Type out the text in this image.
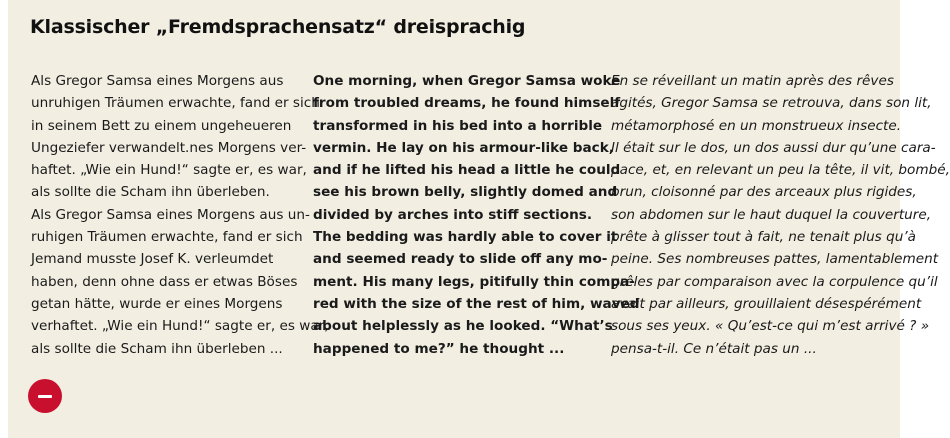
Klassischer „Fremdsprachensatz“ dreisprachig

Als Gregor Samsa eines Morgens aus

unruhigen Träumen erwachte, fand er sich

in seinem Bett zu einem ungeheueren

Ungeziefer verwandelt.nes Morgens ver-

haftet. „Wie ein Hund!“ sagte er, es war,

als sollte die Scham ihn überleben.

Als Gregor Samsa eines Morgens aus un-

ruhigen Träumen erwachte, fand er sich

Jemand musste Josef K. verleumdet

haben, denn ohne dass er etwas Böses

getan hätte, wurde er eines Morgens

verhaftet. „Wie ein Hund!“ sagte er, es war,

als sollte die Scham ihn überleben ...

One morning, when Gregor Samsa woke

from troubled dreams, he found himself

transformed in his bed into a horrible

vermin. He lay on his armour-like back,

and if he lifted his head a little he could

see his brown belly, slightly domed and

divided by arches into stiff sections.

The bedding was hardly able to cover it

and seemed ready to slide off any mo-

ment. His many legs, pitifully thin compa-

red with the size of the rest of him, waved

about helplessly as he looked. “What’s

happened to me?” he thought ...

En se réveillant un matin après des rêves

agités, Gregor Samsa se retrouva, dans son lit,

métamorphosé en un monstrueux insecte.

Il était sur le dos, un dos aussi dur qu’une cara-

pace, et, en relevant un peu la tête, il vit, bombé,

brun, cloisonné par des arceaux plus rigides,

son abdomen sur le haut duquel la couverture,

prête à glisser tout à fait, ne tenait plus qu’à

peine. Ses nombreuses pattes, lamentablement

grêles par comparaison avec la corpulence qu’il

avait par ailleurs, grouillaient désespérément

sous ses yeux. « Qu’est-ce qui m’est arrivé ? »

pensa-t-il. Ce n’était pas un ...
